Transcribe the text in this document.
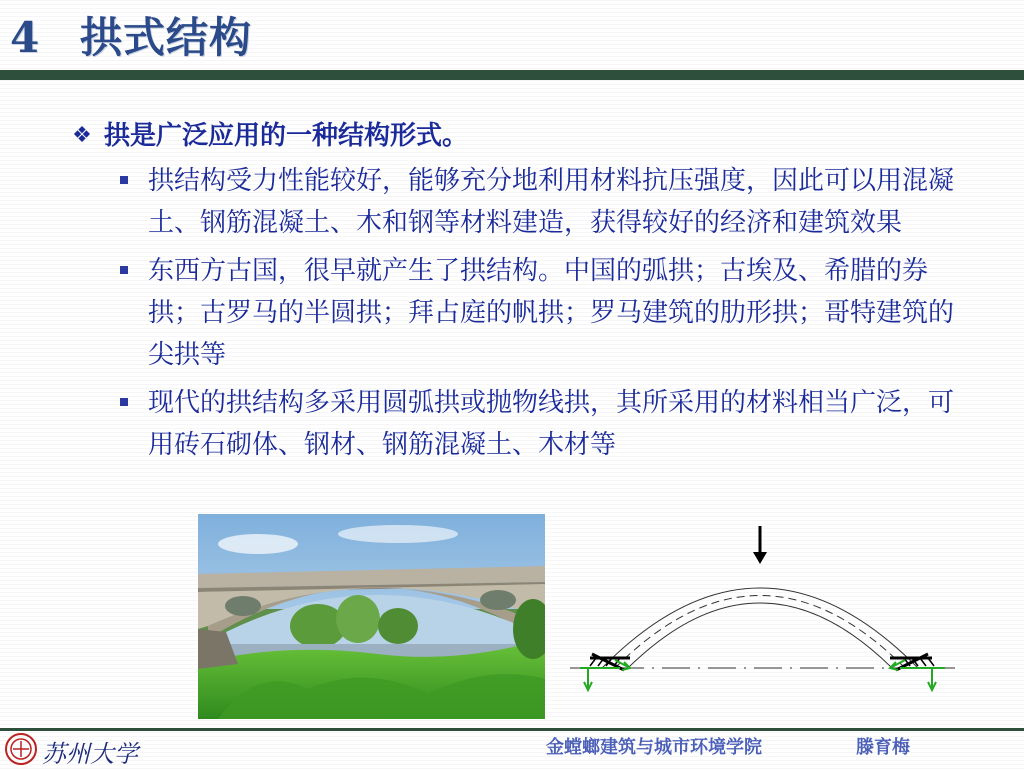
4 拱式结构
❖ 拱是广泛应用的一种结构形式。
拱结构受力性能较好，能够充分地利用材料抗压强度，因此可以用混凝土、钢筋混凝土、木和钢等材料建造，获得较好的经济和建筑效果
东西方古国，很早就产生了拱结构。中国的弧拱；古埃及、希腊的券拱；古罗马的半圆拱；拜占庭的帆拱；罗马建筑的肋形拱；哥特建筑的尖拱等
现代的拱结构多采用圆弧拱或抛物线拱，其所采用的材料相当广泛，可用砖石砌体、钢材、钢筋混凝土、木材等
苏州大学	金螳螂建筑与城市环境学院	滕育梅
